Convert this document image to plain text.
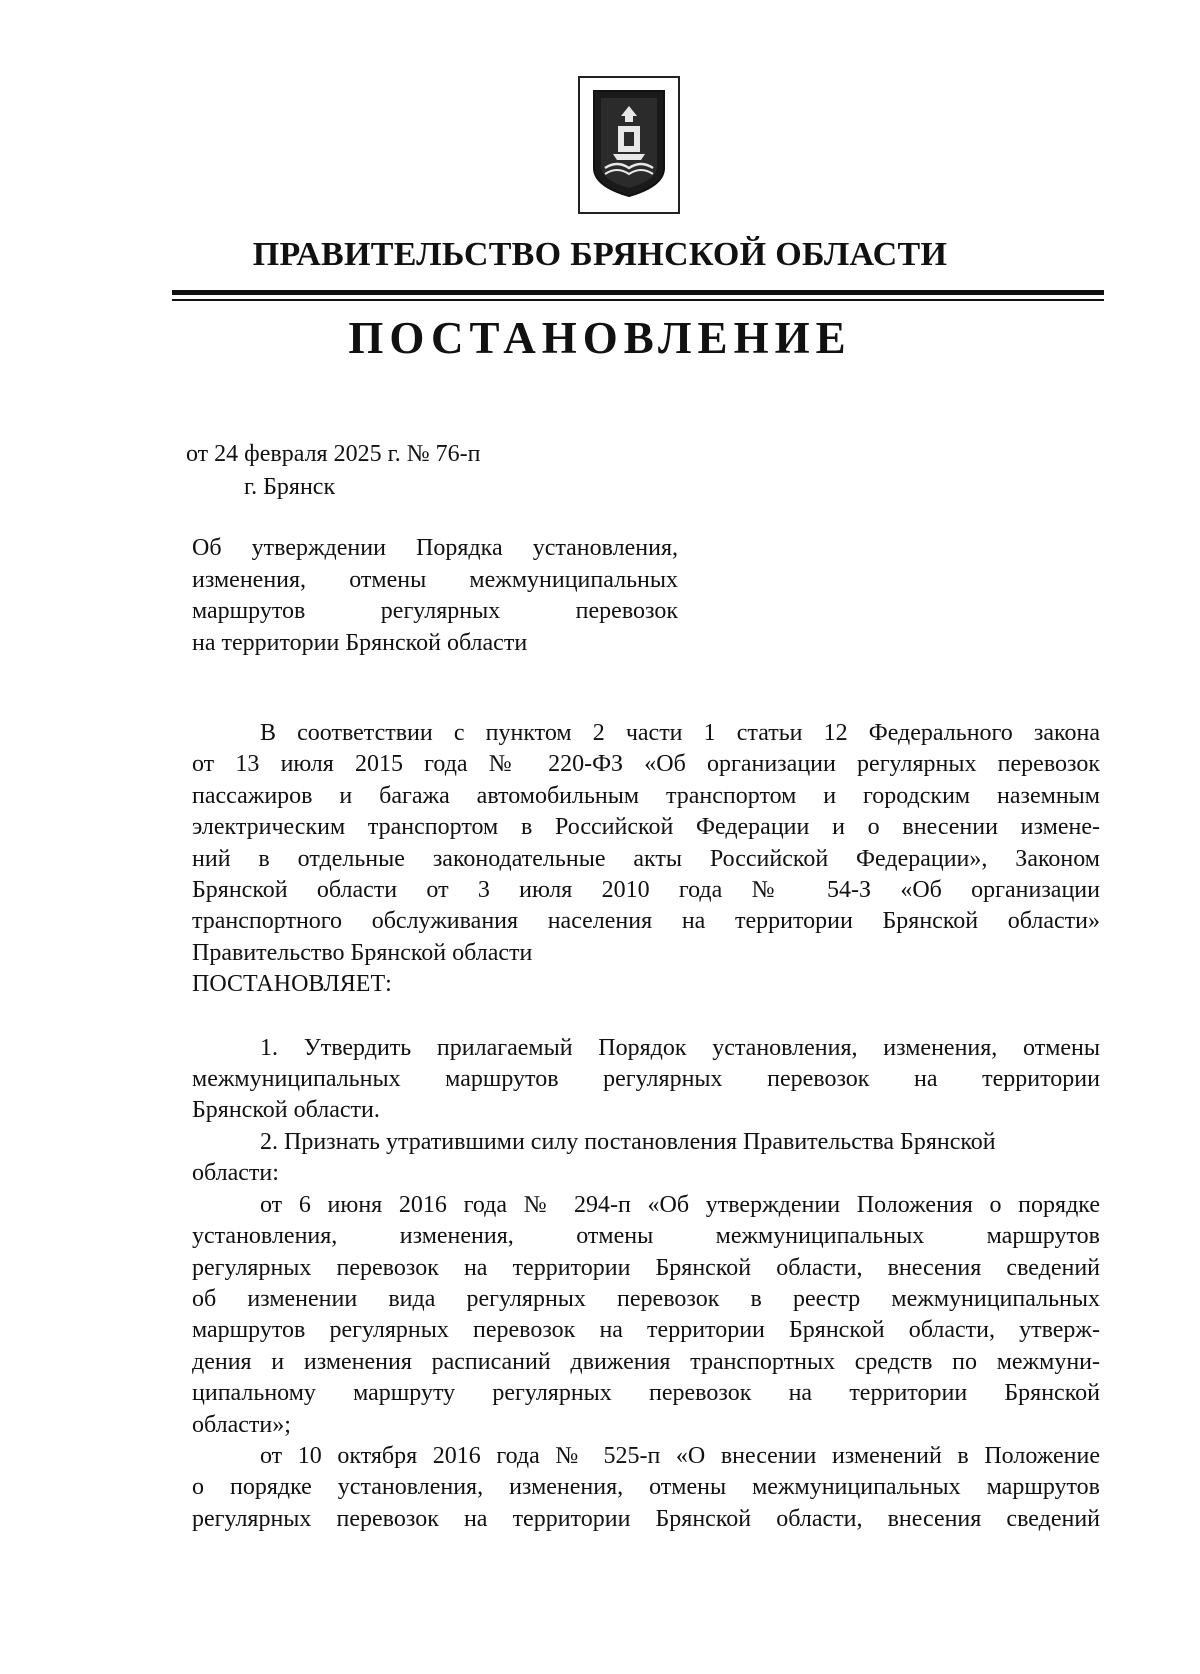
ПРАВИТЕЛЬСТВО БРЯНСКОЙ ОБЛАСТИ
ПОСТАНОВЛЕНИЕ
от 24 февраля 2025 г. № 76-п
г. Брянск
Об утверждении Порядка установления,
изменения, отмены межмуниципальных
маршрутов регулярных перевозок
на территории Брянской области
В соответствии с пунктом 2 части 1 статьи 12 Федерального закона
от 13 июля 2015 года № 220-ФЗ «Об организации регулярных перевозок
пассажиров и багажа автомобильным транспортом и городским наземным
электрическим транспортом в Российской Федерации и о внесении измене-
ний в отдельные законодательные акты Российской Федерации», Законом
Брянской области от 3 июля 2010 года № 54-З «Об организации
транспортного обслуживания населения на территории Брянской области»
Правительство Брянской области
ПОСТАНОВЛЯЕТ:
1. Утвердить прилагаемый Порядок установления, изменения, отмены
межмуниципальных маршрутов регулярных перевозок на территории
Брянской области.
2. Признать утратившими силу постановления Правительства Брянской
области:
от 6 июня 2016 года № 294-п «Об утверждении Положения о порядке
установления, изменения, отмены межмуниципальных маршрутов
регулярных перевозок на территории Брянской области, внесения сведений
об изменении вида регулярных перевозок в реестр межмуниципальных
маршрутов регулярных перевозок на территории Брянской области, утверж-
дения и изменения расписаний движения транспортных средств по межмуни-
ципальному маршруту регулярных перевозок на территории Брянской
области»;
от 10 октября 2016 года № 525-п «О внесении изменений в Положение
о порядке установления, изменения, отмены межмуниципальных маршрутов
регулярных перевозок на территории Брянской области, внесения сведений
